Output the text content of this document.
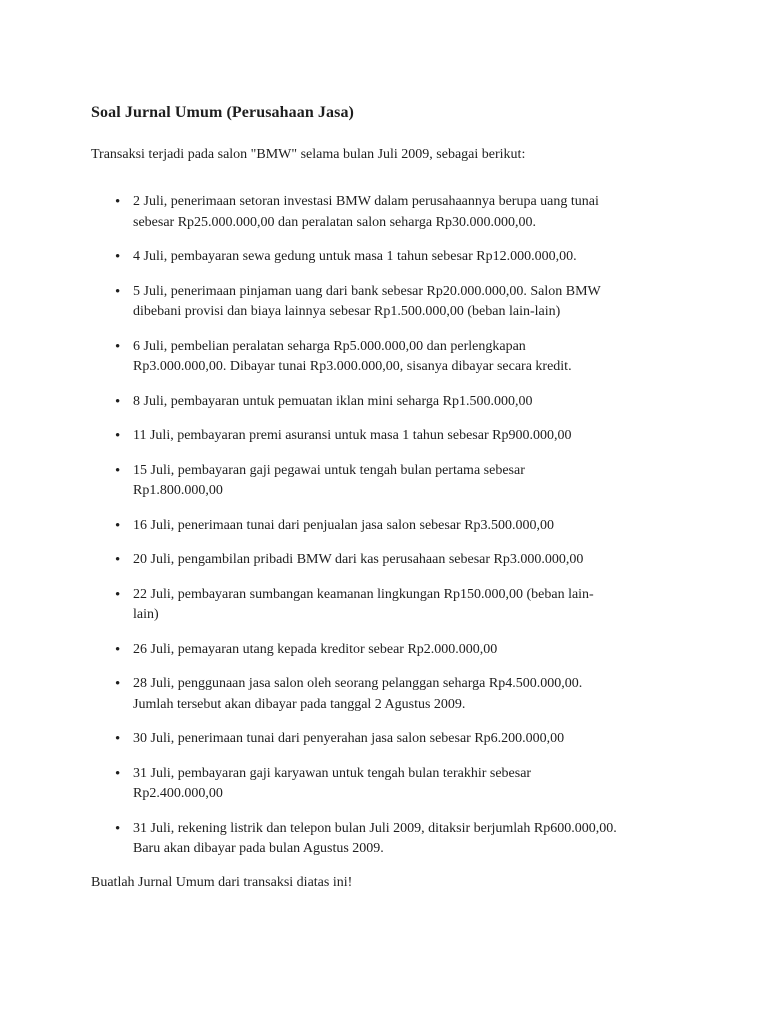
Soal Jurnal Umum (Perusahaan Jasa)

Transaksi terjadi pada salon "BMW" selama bulan Juli 2009, sebagai berikut:

• 2 Juli, penerimaan setoran investasi BMW dalam perusahaannya berupa uang tunai
sebesar Rp25.000.000,00 dan peralatan salon seharga Rp30.000.000,00.
• 4 Juli, pembayaran sewa gedung untuk masa 1 tahun sebesar Rp12.000.000,00.
• 5 Juli, penerimaan pinjaman uang dari bank sebesar Rp20.000.000,00. Salon BMW
dibebani provisi dan biaya lainnya sebesar Rp1.500.000,00 (beban lain-lain)
• 6 Juli, pembelian peralatan seharga Rp5.000.000,00 dan perlengkapan
Rp3.000.000,00. Dibayar tunai Rp3.000.000,00, sisanya dibayar secara kredit.
• 8 Juli, pembayaran untuk pemuatan iklan mini seharga Rp1.500.000,00
• 11 Juli, pembayaran premi asuransi untuk masa 1 tahun sebesar Rp900.000,00
• 15 Juli, pembayaran gaji pegawai untuk tengah bulan pertama sebesar
Rp1.800.000,00
• 16 Juli, penerimaan tunai dari penjualan jasa salon sebesar Rp3.500.000,00
• 20 Juli, pengambilan pribadi BMW dari kas perusahaan sebesar Rp3.000.000,00
• 22 Juli, pembayaran sumbangan keamanan lingkungan Rp150.000,00 (beban lain-
lain)
• 26 Juli, pemayaran utang kepada kreditor sebear Rp2.000.000,00
• 28 Juli, penggunaan jasa salon oleh seorang pelanggan seharga Rp4.500.000,00.
Jumlah tersebut akan dibayar pada tanggal 2 Agustus 2009.
• 30 Juli, penerimaan tunai dari penyerahan jasa salon sebesar Rp6.200.000,00
• 31 Juli, pembayaran gaji karyawan untuk tengah bulan terakhir sebesar
Rp2.400.000,00
• 31 Juli, rekening listrik dan telepon bulan Juli 2009, ditaksir berjumlah Rp600.000,00.
Baru akan dibayar pada bulan Agustus 2009.

Buatlah Jurnal Umum dari transaksi diatas ini!
